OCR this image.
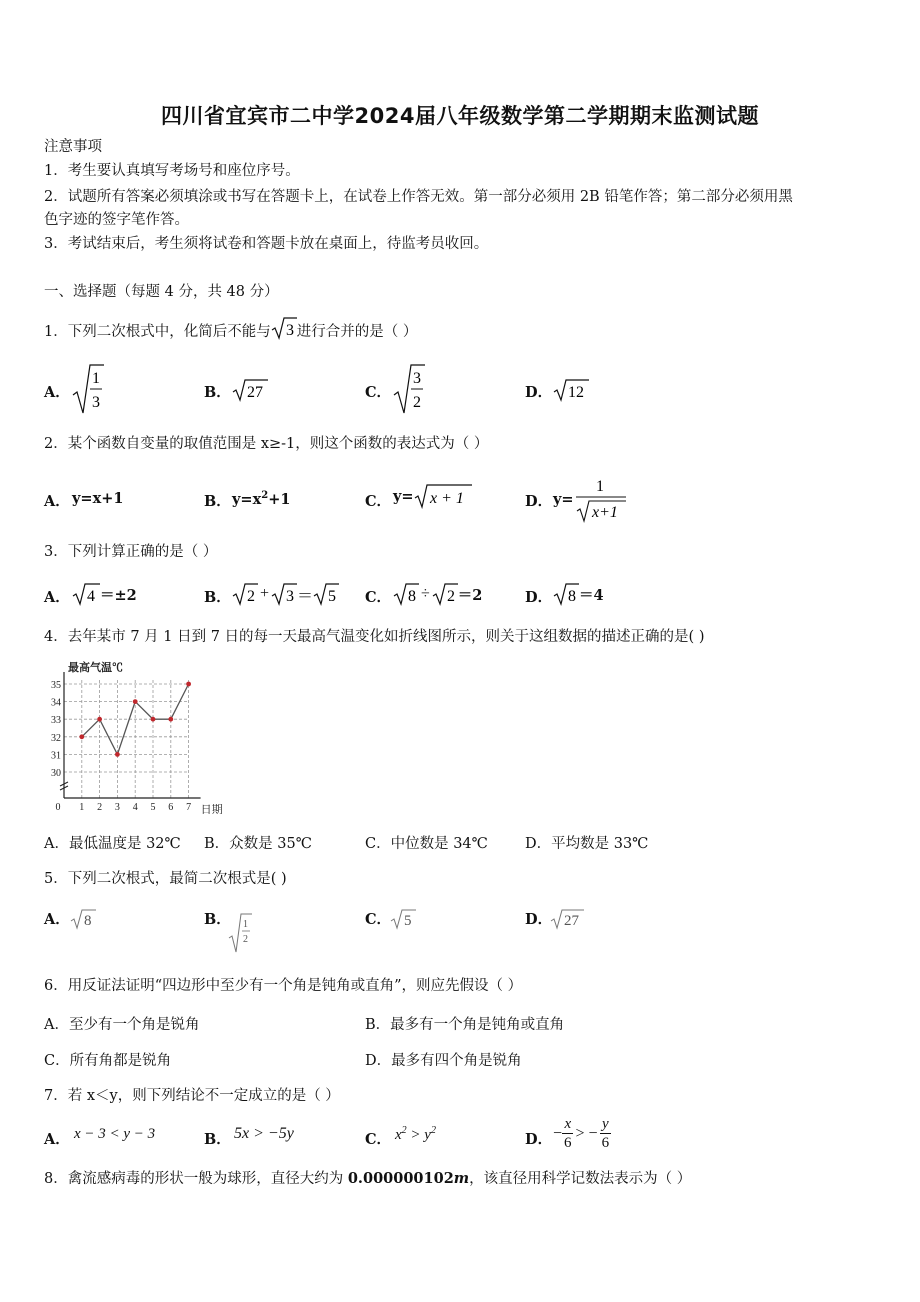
四川省宜宾市二中学2024届八年级数学第二学期期末监测试题
注意事项
1．考生要认真填写考场号和座位序号。
2．试题所有答案必须填涂或书写在答题卡上，在试卷上作答无效。第一部分必须用 2B 铅笔作答；第二部分必须用黑
色字迹的签字笔作答。
3．考试结束后，考生须将试卷和答题卡放在桌面上，待监考员收回。
一、选择题（每题 4 分，共 48 分）
1．下列二次根式中，化简后不能与 3 进行合并的是（ ）
A．
1
3
B． 27	C．
3
2
D． 12
2．某个函数自变量的取值范围是 x≥-1，则这个函数的表达式为（ ）
A． y=x+1	B． $y=x^2+1$	C． y= x + 1	D． y=
1
x+1
3．下列计算正确的是（ ）
A． 4 ＝±2	B． 2 + 3 ＝ 5 C． 8 ÷ 2 ＝2	D． 8 ＝4
4．去年某市 7 月 1 日到 7 日的每一天最高气温变化如折线图所示，则关于这组数据的描述正确的是( )
30
31
32
33
34
35
0 1 2 3 4 5 6 7
最高气温℃
日期
A．最低温度是 32℃ B．众数是 35℃	C．中位数是 34℃	D．平均数是 33℃
5．下列二次根式，最简二次根式是( )
A． 8	B． 1
2
C． 5	D． 27
6．用反证法证明“四边形中至少有一个角是钝角或直角”，则应先假设（ ）
A．至少有一个角是锐角	B．最多有一个角是钝角或直角
C．所有角都是锐角	D．最多有四个角是锐角
7．若 x＜y，则下列结论不一定成立的是（ ）
A． x − 3 < y − 3	B． 5x > −5y	C． $x^2 > y^2$
D． − $\frac{x}{6}$ > − $\frac{y}{6}$
8．禽流感病毒的形状一般为球形，直径大约为 0.000000102m，该直径用科学记数法表示为（ ）
